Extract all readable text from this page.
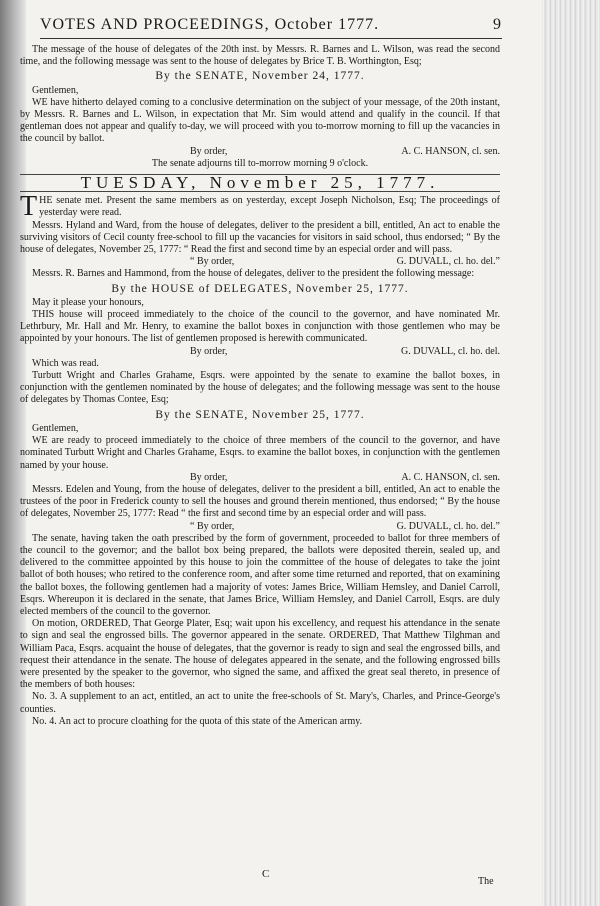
VOTES AND PROCEEDINGS, October 1777.	9

The message of the house of delegates of the 20th inst. by Messrs. R. Barnes and L. Wilson, was read the second time, and the following message was sent to the house of delegates by Brice T. B. Worthington, Esq;

By the SENATE, November 24, 1777.

Gentlemen,

WE have hitherto delayed coming to a conclusive determination on the subject of your message, of the 20th instant, by Messrs. R. Barnes and L. Wilson, in expectation that Mr. Sim would attend and qualify in the council. If that gentleman does not appear and qualify to-day, we will proceed with you to-morrow morning to fill up the vacancies in the council by ballot.

By order,	A. C. HANSON, cl. sen.

The senate adjourns till to-morrow morning 9 o'clock.

TUESDAY, November 25, 1777.

THE senate met. Present the same members as on yesterday, except Joseph Nicholson, Esq; The proceedings of yesterday were read.

Messrs. Hyland and Ward, from the house of delegates, deliver to the president a bill, entitled, An act to enable the surviving visitors of Cecil county free-school to fill up the vacancies for visitors in said school, thus endorsed; “ By the house of delegates, November 25, 1777: “ Read the first and second time by an especial order and will pass.

“ By order,	G. DUVALL, cl. ho. del.”

Messrs. R. Barnes and Hammond, from the house of delegates, deliver to the president the following message:

By the HOUSE of DELEGATES, November 25, 1777.

May it please your honours,

THIS house will proceed immediately to the choice of the council to the governor, and have nominated Mr. Lethrbury, Mr. Hall and Mr. Henry, to examine the ballot boxes in conjunction with those gentlemen who may be appointed by your honours. The list of gentlemen proposed is herewith communicated.

By order,	G. DUVALL, cl. ho. del.

Which was read.

Turbutt Wright and Charles Grahame, Esqrs. were appointed by the senate to examine the ballot boxes, in conjunction with the gentlemen nominated by the house of delegates; and the following message was sent to the house of delegates by Thomas Contee, Esq;

By the SENATE, November 25, 1777.

Gentlemen,

WE are ready to proceed immediately to the choice of three members of the council to the governor, and have nominated Turbutt Wright and Charles Grahame, Esqrs. to examine the ballot boxes, in conjunction with the gentlemen named by your house.

By order,	A. C. HANSON, cl. sen.

Messrs. Edelen and Young, from the house of delegates, deliver to the president a bill, entitled, An act to enable the trustees of the poor in Frederick county to sell the houses and ground therein mentioned, thus endorsed; “ By the house of delegates, November 25, 1777: Read “ the first and second time by an especial order and will pass.

“ By order,	G. DUVALL, cl. ho. del.”

The senate, having taken the oath prescribed by the form of government, proceeded to ballot for three members of the council to the governor; and the ballot box being prepared, the ballots were deposited therein, sealed up, and delivered to the committee appointed by this house to join the committee of the house of delegates to take the joint ballot of both houses; who retired to the conference room, and after some time returned and reported, that on examining the ballot boxes, the following gentlemen had a majority of votes: James Brice, William Hemsley, and Daniel Carroll, Esqrs. Whereupon it is declared in the senate, that James Brice, William Hemsley, and Daniel Carroll, Esqrs. are duly elected members of the council to the governor.

On motion, ORDERED, That George Plater, Esq; wait upon his excellency, and request his attendance in the senate to sign and seal the engrossed bills. The governor appeared in the senate. ORDERED, That Matthew Tilghman and William Paca, Esqrs. acquaint the house of delegates, that the governor is ready to sign and seal the engrossed bills, and request their attendance in the senate. The house of delegates appeared in the senate, and the following engrossed bills were presented by the speaker to the governor, who signed the same, and affixed the great seal thereto, in presence of the members of both houses:

No. 3. A supplement to an act, entitled, an act to unite the free-schools of St. Mary's, Charles, and Prince-George's counties.

No. 4. An act to procure cloathing for the quota of this state of the American army.

C
The
